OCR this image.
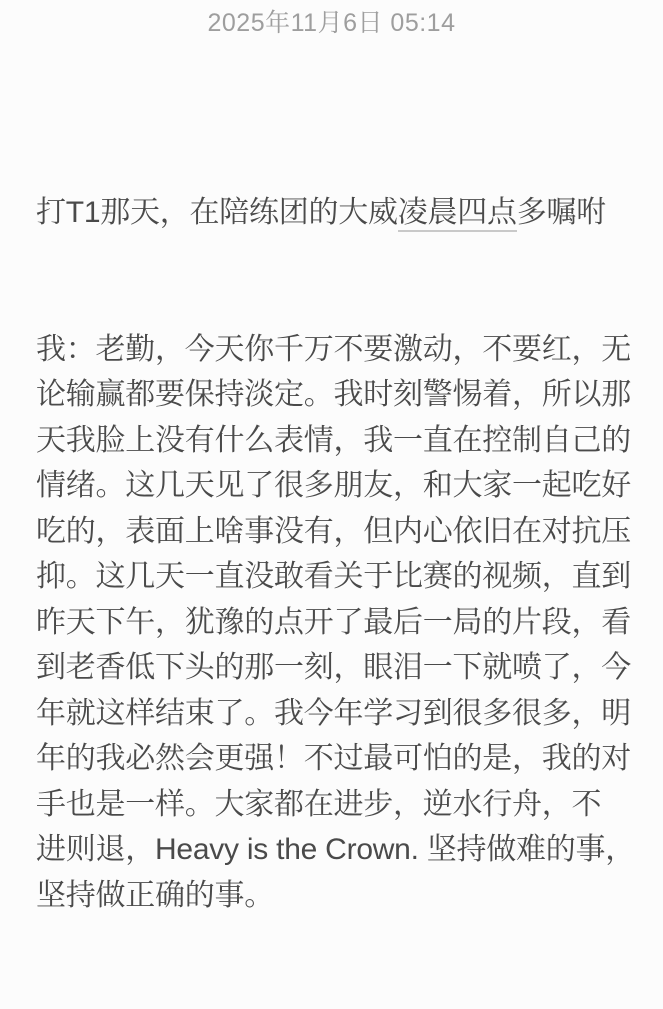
2025年11月6日 05:14

打T1那天，在陪练团的大威凌晨四点多嘱咐

我：老勤，今天你千万不要激动，不要红，无
论输赢都要保持淡定。我时刻警惕着，所以那
天我脸上没有什么表情，我一直在控制自己的
情绪。这几天见了很多朋友，和大家一起吃好
吃的，表面上啥事没有，但内心依旧在对抗压
抑。这几天一直没敢看关于比赛的视频，直到
昨天下午，犹豫的点开了最后一局的片段，看
到老香低下头的那一刻，眼泪一下就喷了，今
年就这样结束了。我今年学习到很多很多，明
年的我必然会更强！不过最可怕的是，我的对
手也是一样。大家都在进步，逆水行舟，不
进则退，Heavy is the Crown. 坚持做难的事，
坚持做正确的事。
